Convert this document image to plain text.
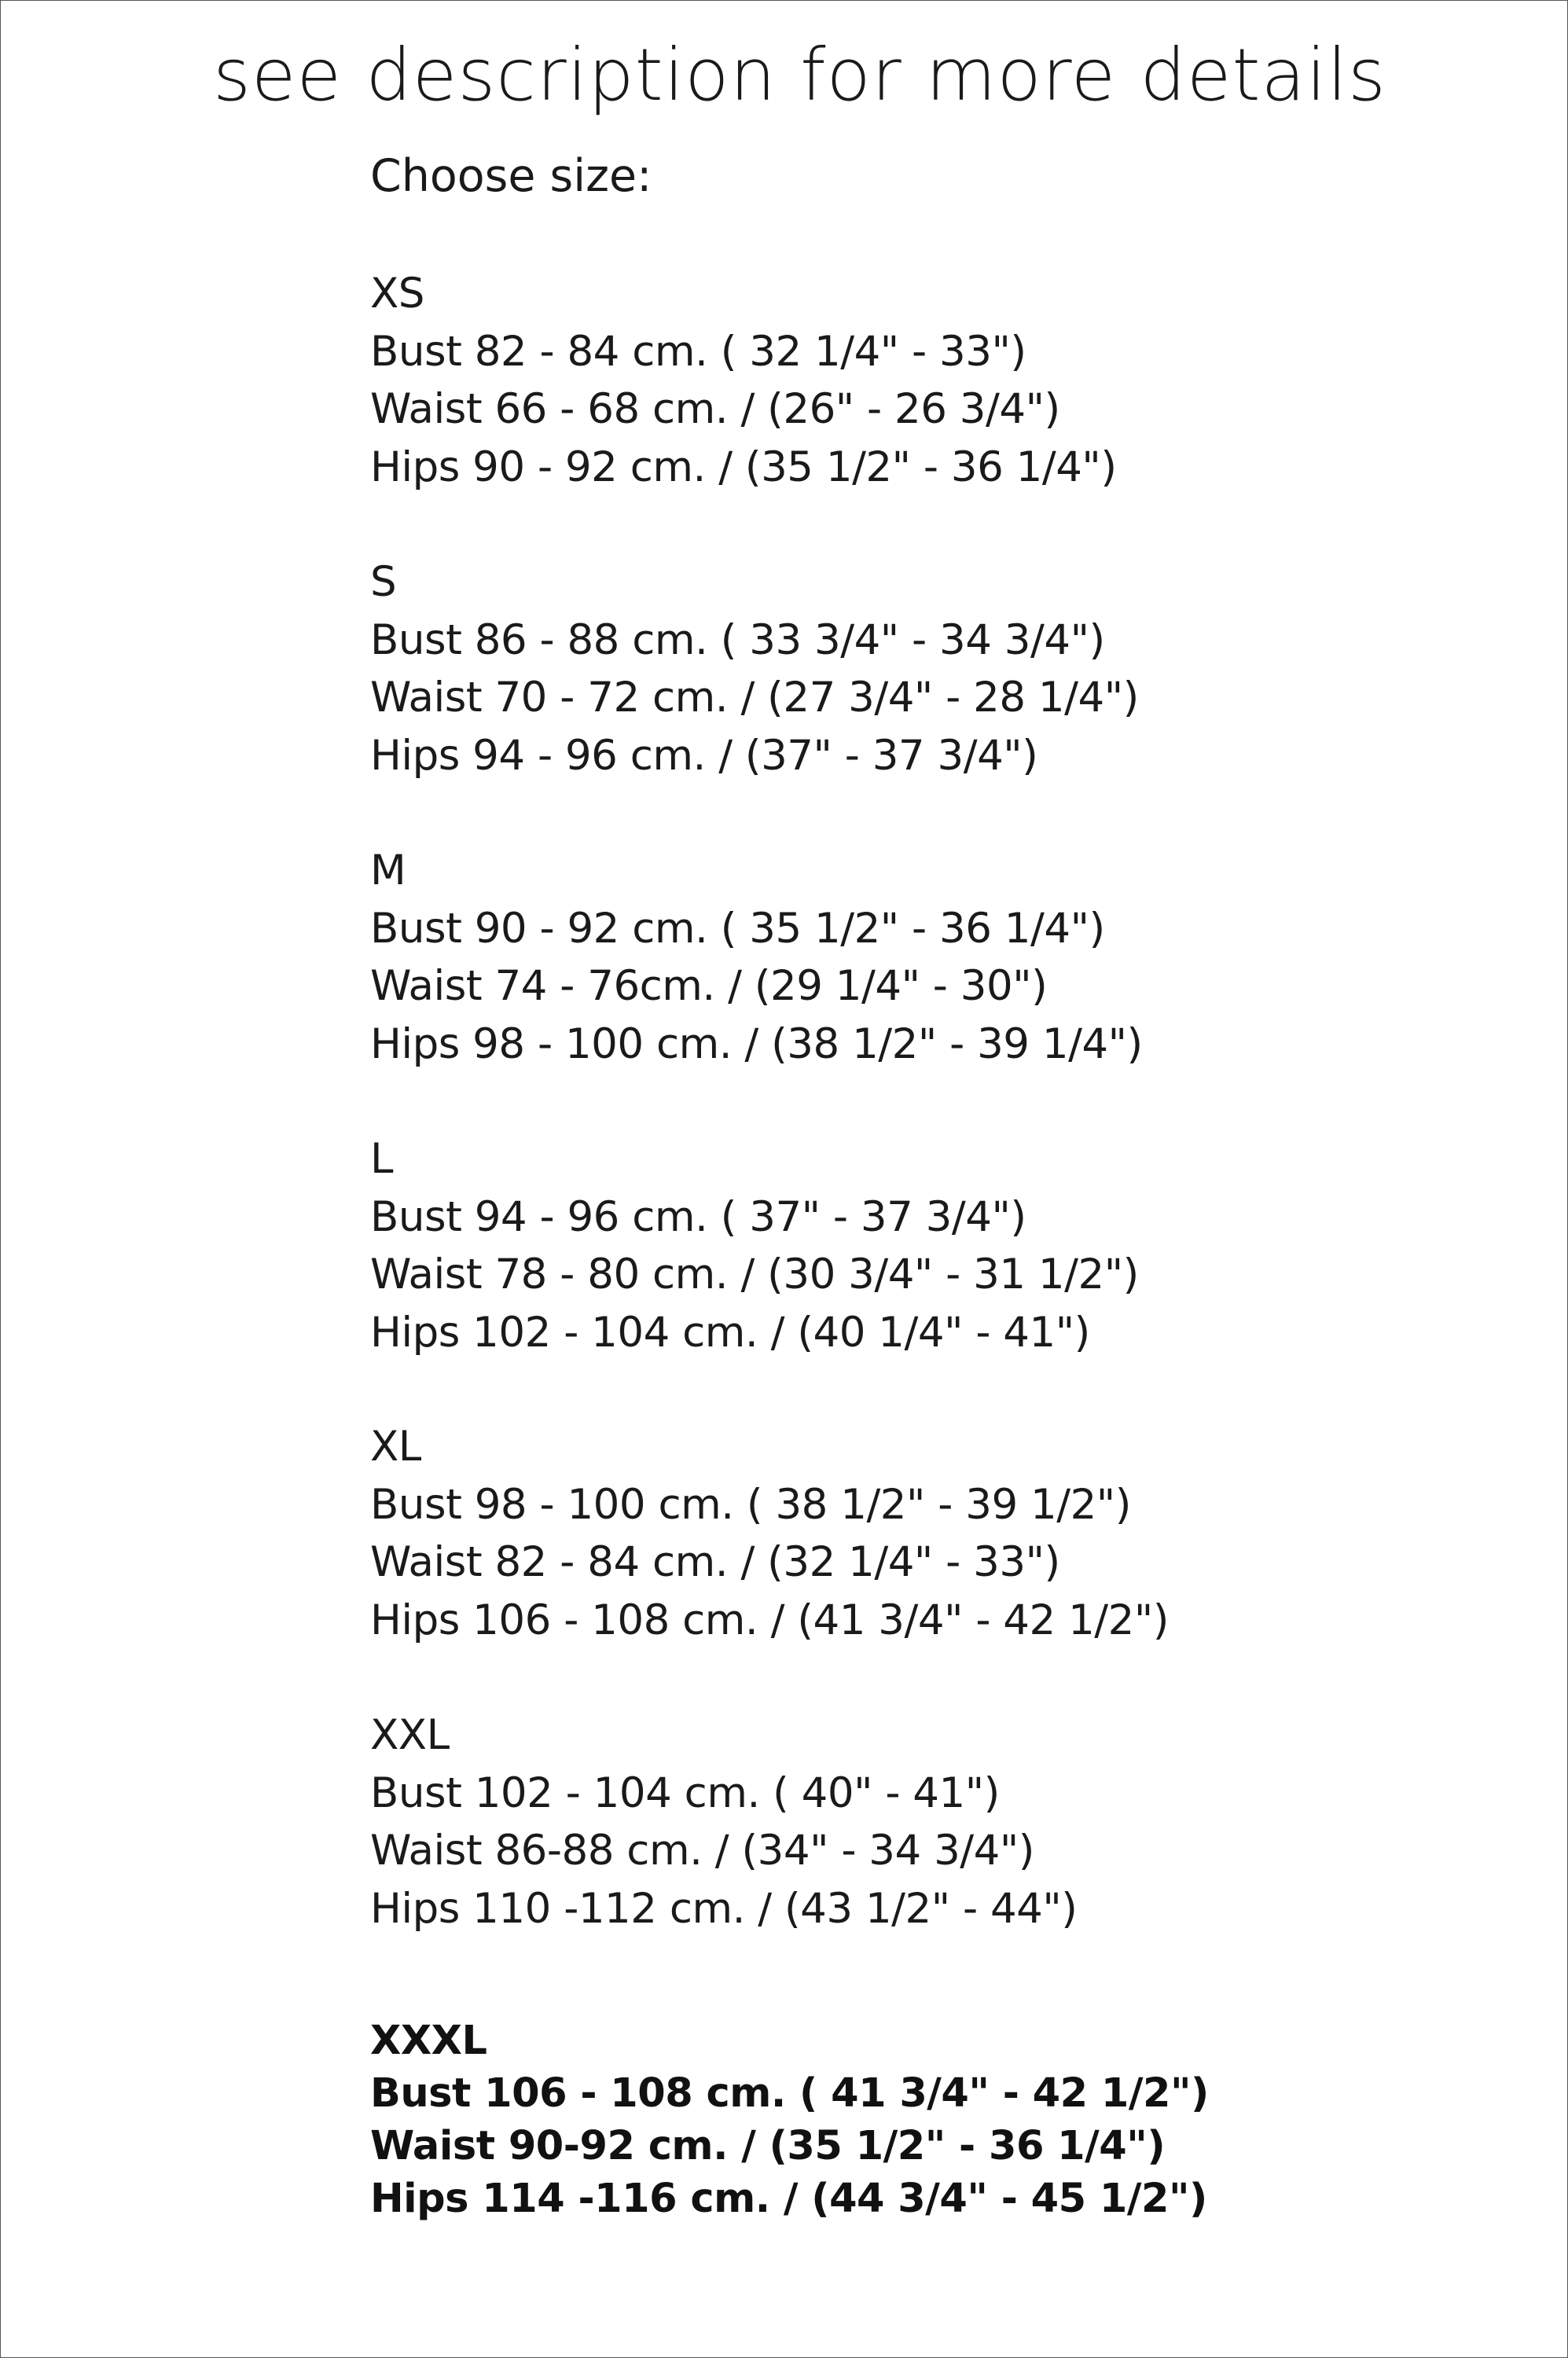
see description for more details
Choose size:
XS
Bust 82 - 84 cm. ( 32 1/4" - 33")
Waist 66 - 68 cm. / (26" - 26 3/4")
Hips 90 - 92 cm. / (35 1/2" - 36 1/4")
S
Bust 86 - 88 cm. ( 33 3/4" - 34 3/4")
Waist 70 - 72 cm. / (27 3/4" - 28 1/4")
Hips 94 - 96 cm. / (37" - 37 3/4")
M
Bust 90 - 92 cm. ( 35 1/2" - 36 1/4")
Waist 74 - 76cm. / (29 1/4" - 30")
Hips 98 - 100 cm. / (38 1/2" - 39 1/4")
L
Bust 94 - 96 cm. ( 37" - 37 3/4")
Waist 78 - 80 cm. / (30 3/4" - 31 1/2")
Hips 102 - 104 cm. / (40 1/4" - 41")
XL
Bust 98 - 100 cm. ( 38 1/2" - 39 1/2")
Waist 82 - 84 cm. / (32 1/4" - 33")
Hips 106 - 108 cm. / (41 3/4" - 42 1/2")
XXL
Bust 102 - 104 cm. ( 40" - 41")
Waist 86-88 cm. / (34" - 34 3/4")
Hips 110 -112 cm. / (43 1/2" - 44")
XXXL
Bust 106 - 108 cm. ( 41 3/4" - 42 1/2")
Waist 90-92 cm. / (35 1/2" - 36 1/4")
Hips 114 -116 cm. / (44 3/4" - 45 1/2")
